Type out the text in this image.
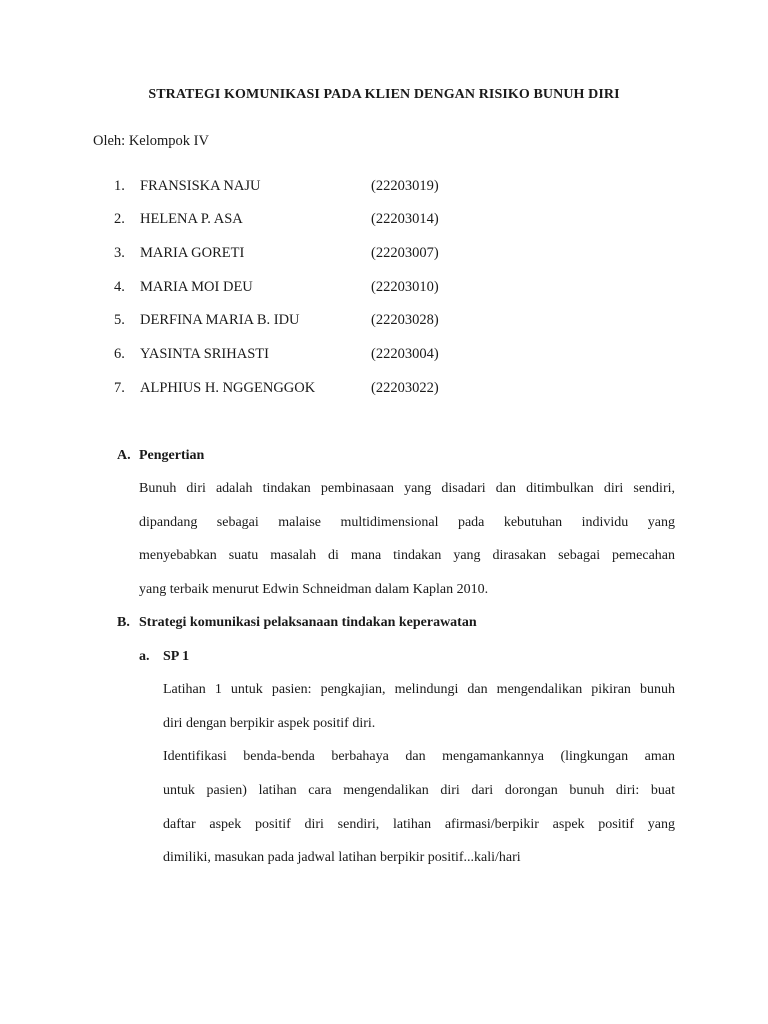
STRATEGI KOMUNIKASI PADA KLIEN DENGAN RISIKO BUNUH DIRI
Oleh: Kelompok IV
1.	FRANSISKA NAJU	(22203019)
2.	HELENA P. ASA	(22203014)
3.	MARIA GORETI	(22203007)
4.	MARIA MOI DEU	(22203010)
5.	DERFINA MARIA B. IDU	(22203028)
6.	YASINTA SRIHASTI	(22203004)
7.	ALPHIUS H. NGGENGGOK	(22203022)
A. Pengertian
Bunuh diri adalah tindakan pembinasaan yang disadari dan ditimbulkan diri sendiri,
dipandang sebagai malaise multidimensional pada kebutuhan individu yang
menyebabkan suatu masalah di mana tindakan yang dirasakan sebagai pemecahan
yang terbaik menurut Edwin Schneidman dalam Kaplan 2010.
B. Strategi komunikasi pelaksanaan tindakan keperawatan
a. SP 1
Latihan 1 untuk pasien: pengkajian, melindungi dan mengendalikan pikiran bunuh
diri dengan berpikir aspek positif diri.
Identifikasi benda-benda berbahaya dan mengamankannya (lingkungan aman
untuk pasien) latihan cara mengendalikan diri dari dorongan bunuh diri: buat
daftar aspek positif diri sendiri, latihan afirmasi/berpikir aspek positif yang
dimiliki, masukan pada jadwal latihan berpikir positif...kali/hari
